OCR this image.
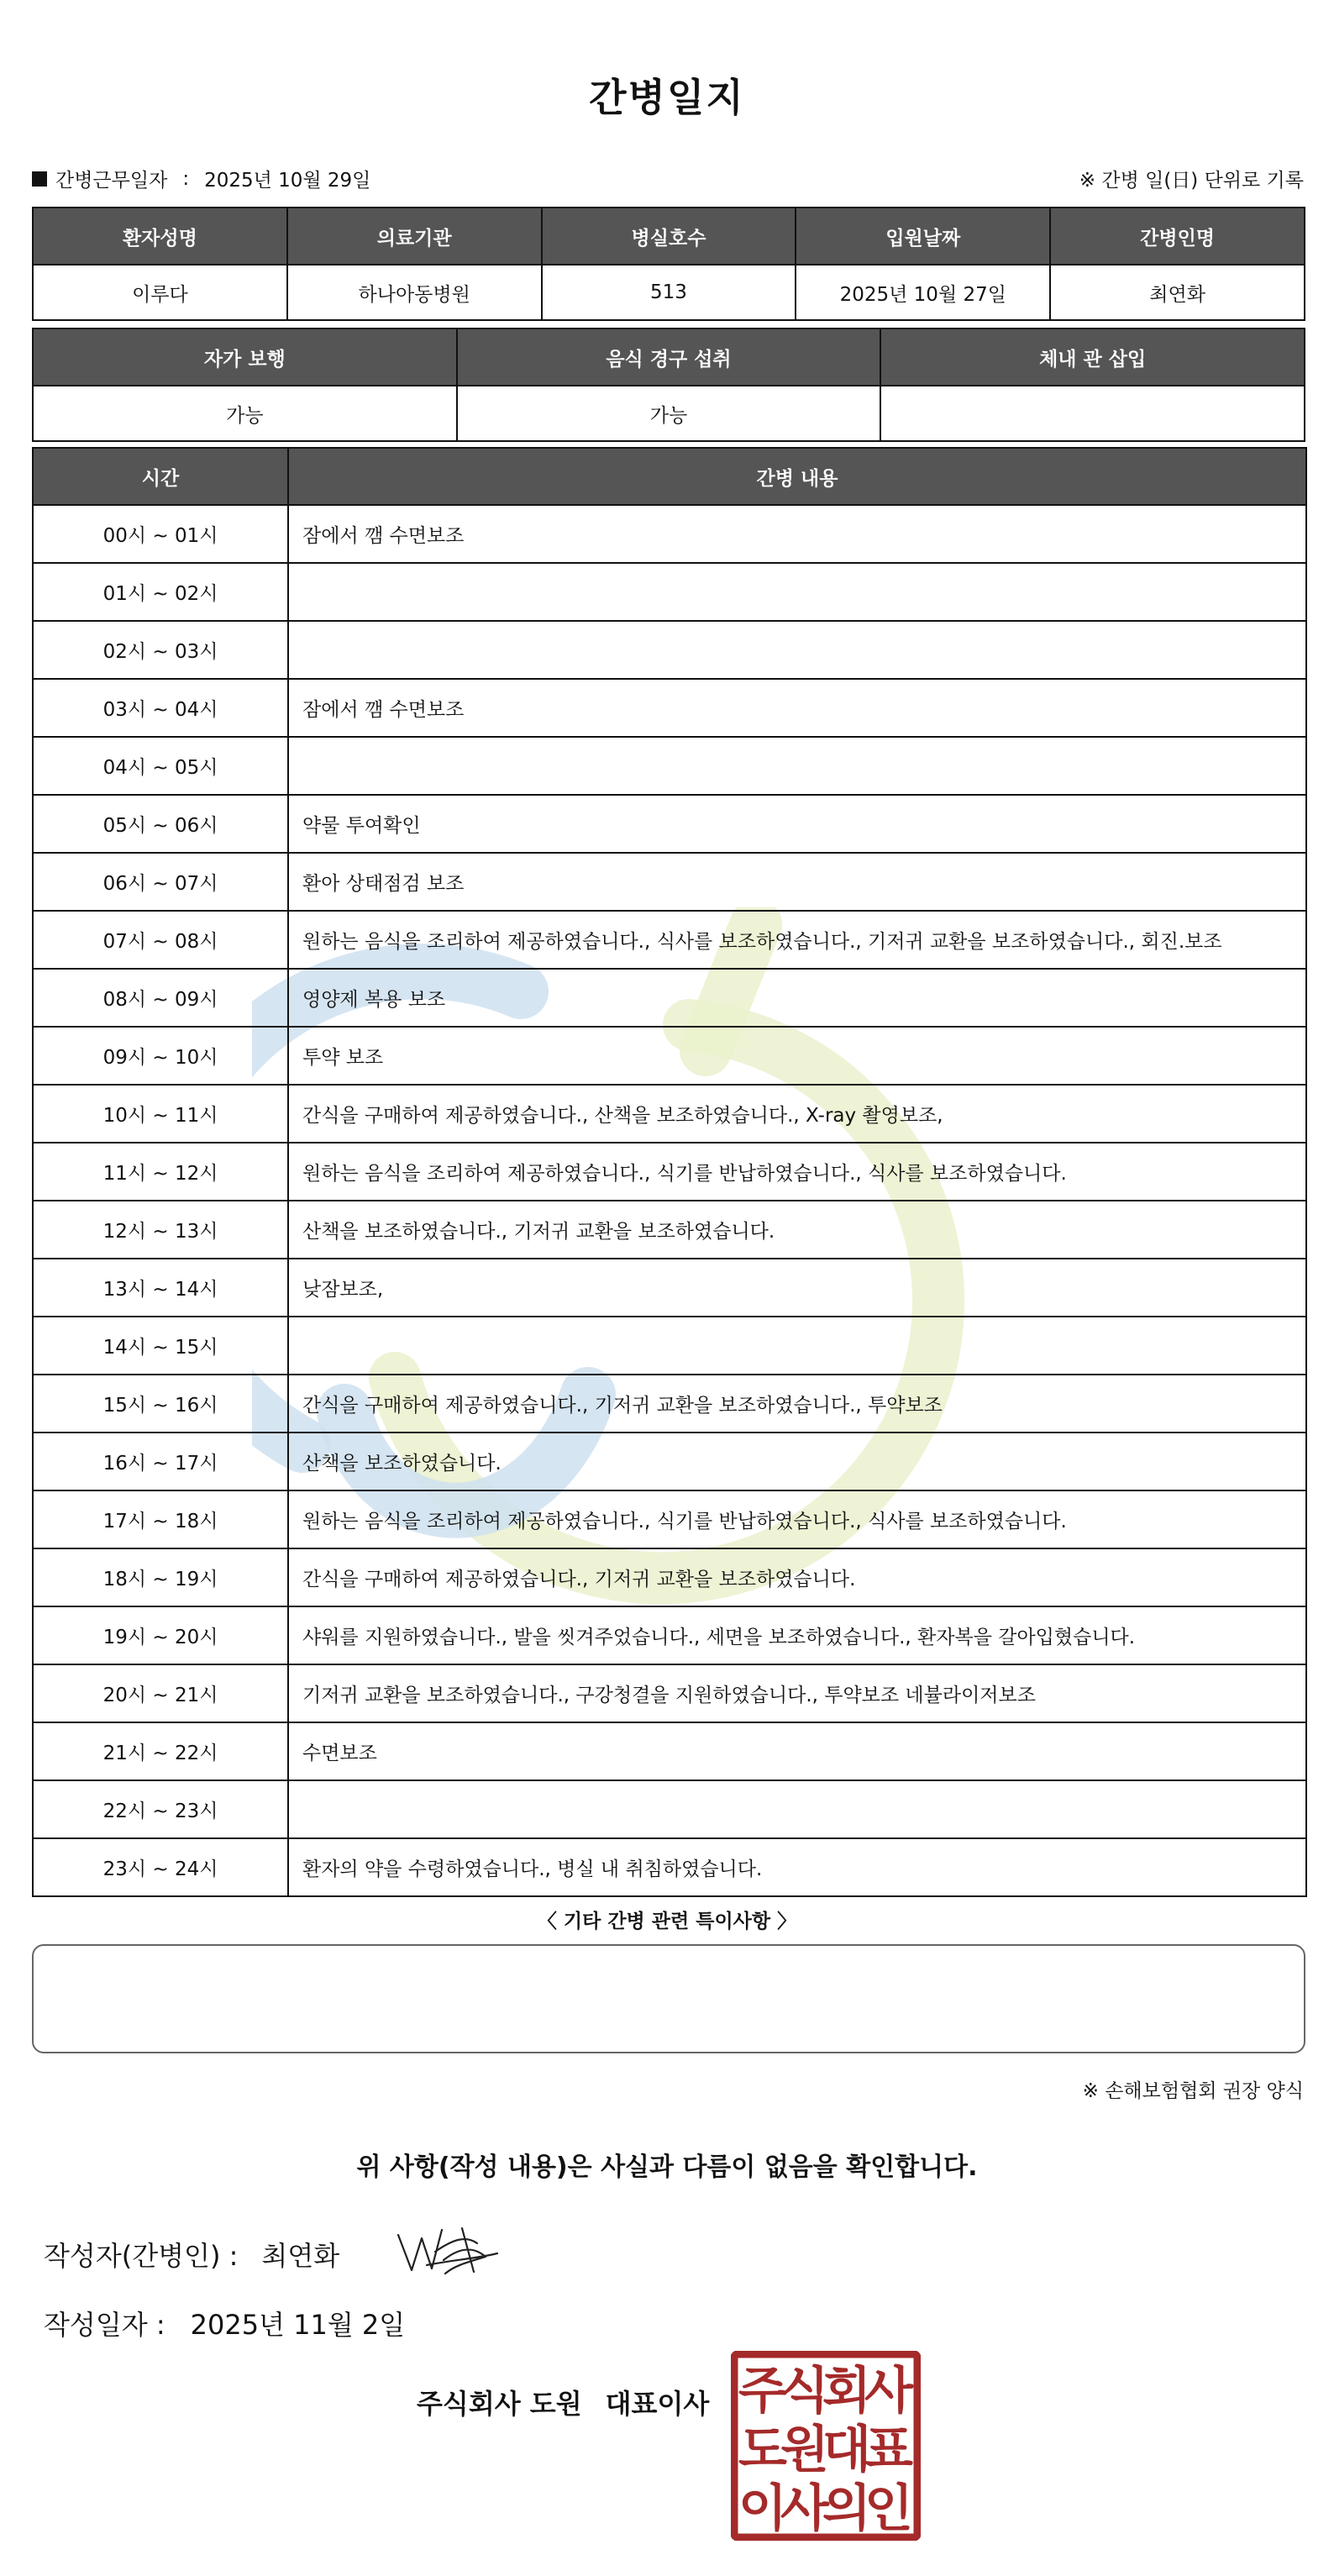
간병일지
간병근무일자 : 2025년 10월 29일	※ 간병 일(日) 단위로 기록
환자성명	의료기관	병실호수	입원날짜	간병인명
이루다	하나아동병원	513	2025년 10월 27일	최연화
자가 보행	음식 경구 섭취	체내 관 삽입
가능	가능	
시간	간병 내용
00시 ~ 01시	잠에서 깸 수면보조
01시 ~ 02시	
02시 ~ 03시	
03시 ~ 04시	잠에서 깸 수면보조
04시 ~ 05시	
05시 ~ 06시	약물 투여확인
06시 ~ 07시	환아 상태점검 보조
07시 ~ 08시	원하는 음식을 조리하여 제공하였습니다., 식사를 보조하였습니다., 기저귀 교환을 보조하였습니다., 회진.보조
08시 ~ 09시	영양제 복용 보조
09시 ~ 10시	투약 보조
10시 ~ 11시	간식을 구매하여 제공하였습니다., 산책을 보조하였습니다., X-ray 촬영보조,
11시 ~ 12시	원하는 음식을 조리하여 제공하였습니다., 식기를 반납하였습니다., 식사를 보조하였습니다.
12시 ~ 13시	산책을 보조하였습니다., 기저귀 교환을 보조하였습니다.
13시 ~ 14시	낮잠보조,
14시 ~ 15시	
15시 ~ 16시	간식을 구매하여 제공하였습니다., 기저귀 교환을 보조하였습니다., 투약보조
16시 ~ 17시	산책을 보조하였습니다.
17시 ~ 18시	원하는 음식을 조리하여 제공하였습니다., 식기를 반납하였습니다., 식사를 보조하였습니다.
18시 ~ 19시	간식을 구매하여 제공하였습니다., 기저귀 교환을 보조하였습니다.
19시 ~ 20시	샤워를 지원하였습니다., 발을 씻겨주었습니다., 세면을 보조하였습니다., 환자복을 갈아입혔습니다.
20시 ~ 21시	기저귀 교환을 보조하였습니다., 구강청결을 지원하였습니다., 투약보조 네뷸라이저보조
21시 ~ 22시	수면보조
22시 ~ 23시	
23시 ~ 24시	환자의 약을 수령하였습니다., 병실 내 취침하였습니다.
〈 기타 간병 관련 특이사항 〉
※ 손해보험협회 권장 양식
위 사항(작성 내용)은 사실과 다름이 없음을 확인합니다.
작성자(간병인) : 최연화
작성일자 : 2025년 11월 2일
주식회사 도원 대표이사 주
식
회
사
도
원
대
표
이
사
의
인
